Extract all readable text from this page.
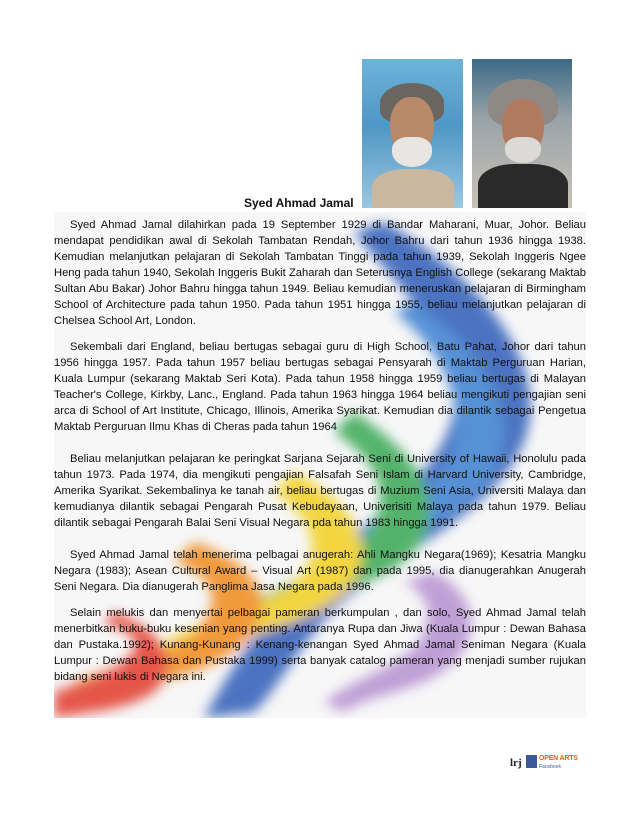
Syed Ahmad Jamal

Syed Ahmad Jamal dilahirkan pada 19 September 1929 di Bandar Maharani, Muar, Johor. Beliau mendapat pendidikan awal di Sekolah Tambatan Rendah, Johor Bahru dari tahun 1936 hingga 1938. Kemudian melanjutkan pelajaran di Sekolah Tambatan Tinggi pada tahun 1939, Sekolah Inggeris Ngee Heng pada tahun 1940, Sekolah Inggeris Bukit Zaharah dan Seterusnya English College (sekarang Maktab Sultan Abu Bakar) Johor Bahru hingga tahun 1949. Beliau kemudian meneruskan pelajaran di Birmingham School of Architecture pada tahun 1950. Pada tahun 1951 hingga 1955, beliau melanjutkan pelajaran di Chelsea School Art, London.

Sekembali dari England, beliau bertugas sebagai guru di High School, Batu Pahat, Johor dari tahun 1956 hingga 1957. Pada tahun 1957 beliau bertugas sebagai Pensyarah di Maktab Perguruan Harian, Kuala Lumpur (sekarang Maktab Seri Kota). Pada tahun 1958 hingga 1959 beliau bertugas di Malayan Teacher's College, Kirkby, Lanc., England. Pada tahun 1963 hingga 1964 beliau mengikuti pengajian seni arca di School of Art Institute, Chicago, Illinois, Amerika Syarikat. Kemudian dia dilantik sebagai Pengetua Maktab Perguruan Ilmu Khas di Cheras pada tahun 1964

Beliau melanjutkan pelajaran ke peringkat Sarjana Sejarah Seni di University of Hawaii, Honolulu pada tahun 1973. Pada 1974, dia mengikuti pengajian Falsafah Seni Islam di Harvard University, Cambridge, Amerika Syarikat. Sekembalinya ke tanah air, beliau bertugas di Muzium Seni Asia, Universiti Malaya dan kemudianya dilantik sebagai Pengarah Pusat Kebudayaan, Univerisiti Malaya pada tahun 1979. Beliau dilantik sebagai Pengarah Balai Seni Visual Negara pda tahun 1983 hingga 1991.

Syed Ahmad Jamal telah menerima pelbagai anugerah: Ahli Mangku Negara(1969); Kesatria Mangku Negara (1983); Asean Cultural Award – Visual Art (1987) dan pada 1995, dia dianugerahkan Anugerah Seni Negara. Dia dianugerah Panglima Jasa Negara pada 1996.

Selain melukis dan menyertai pelbagai pameran berkumpulan , dan solo, Syed Ahmad Jamal telah menerbitkan buku-buku kesenian yang penting. Antaranya Rupa dan Jiwa (Kuala Lumpur : Dewan Bahasa dan Pustaka.1992); Kunang-Kunang : Kenang-kenangan Syed Ahmad Jamal Seniman Negara (Kuala Lumpur : Dewan Bahasa dan Pustaka 1999) serta banyak catalog pameran yang menjadi sumber rujukan bidang seni lukis di Negara ini.

lrj OPEN ARTS
Facebook
